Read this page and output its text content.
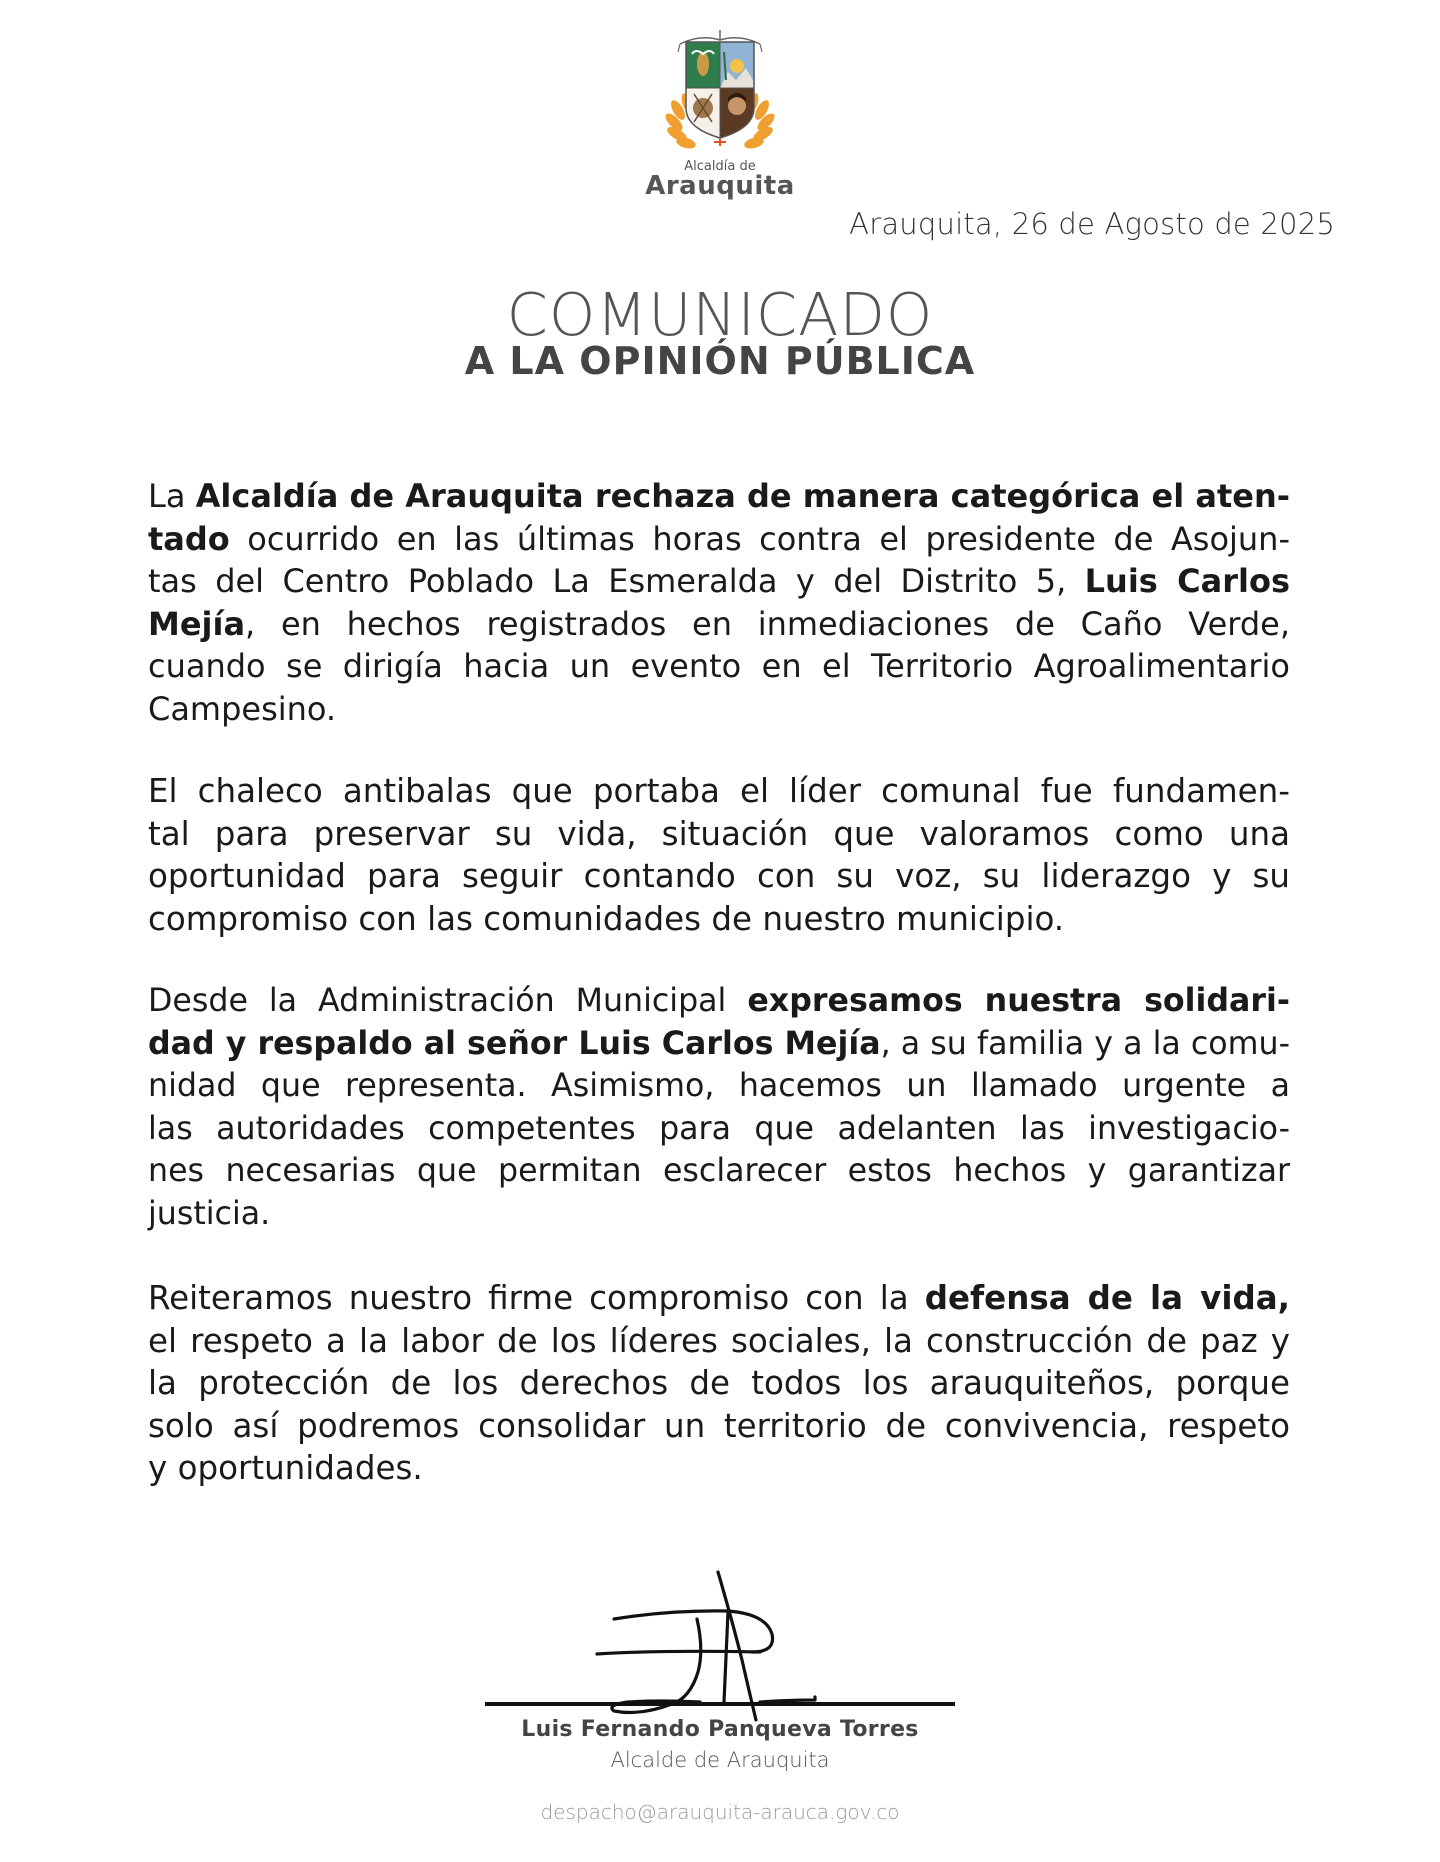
Alcaldía de
Arauquita
Arauquita, 26 de Agosto de 2025
COMUNICADO
A LA OPINIÓN PÚBLICA
La Alcaldía de Arauquita rechaza de manera categórica el aten-
tado ocurrido en las últimas horas contra el presidente de Asojun-
tas del Centro Poblado La Esmeralda y del Distrito 5, Luis Carlos
Mejía, en hechos registrados en inmediaciones de Caño Verde,
cuando se dirigía hacia un evento en el Territorio Agroalimentario
Campesino.
El chaleco antibalas que portaba el líder comunal fue fundamen-
tal para preservar su vida, situación que valoramos como una
oportunidad para seguir contando con su voz, su liderazgo y su
compromiso con las comunidades de nuestro municipio.
Desde la Administración Municipal expresamos nuestra solidari-
dad y respaldo al señor Luis Carlos Mejía, a su familia y a la comu-
nidad que representa. Asimismo, hacemos un llamado urgente a
las autoridades competentes para que adelanten las investigacio-
nes necesarias que permitan esclarecer estos hechos y garantizar
justicia.
Reiteramos nuestro firme compromiso con la defensa de la vida,
el respeto a la labor de los líderes sociales, la construcción de paz y
la protección de los derechos de todos los arauquiteños, porque
solo así podremos consolidar un territorio de convivencia, respeto
y oportunidades.
Luis Fernando Panqueva Torres
Alcalde de Arauquita
despacho@arauquita-arauca.gov.co
